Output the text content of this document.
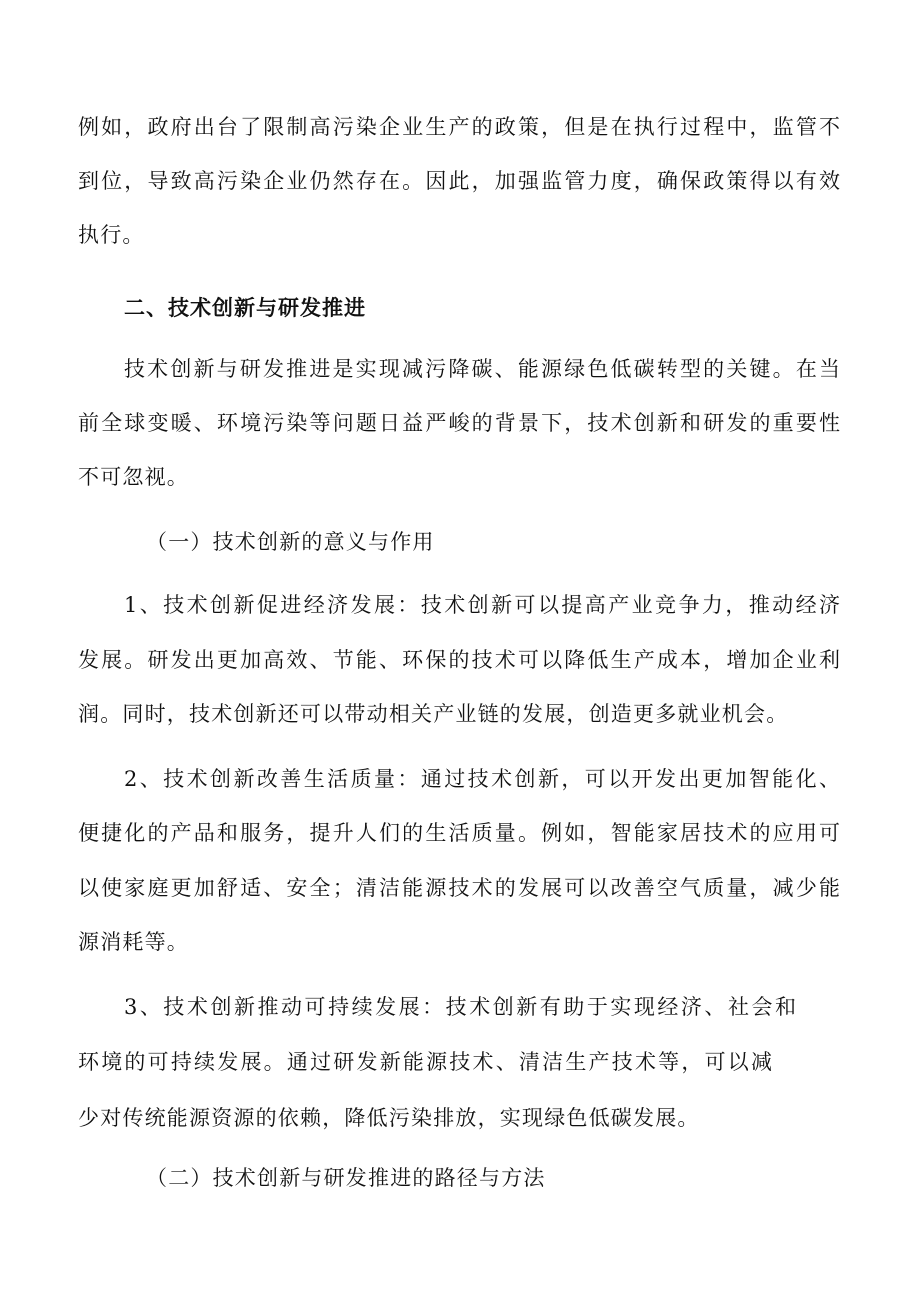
例如，政府出台了限制高污染企业生产的政策，但是在执行过程中，监管不
到位，导致高污染企业仍然存在。因此，加强监管力度，确保政策得以有效
执行。
二、技术创新与研发推进
技术创新与研发推进是实现减污降碳、能源绿色低碳转型的关键。在当
前全球变暖、环境污染等问题日益严峻的背景下，技术创新和研发的重要性
不可忽视。
（一）技术创新的意义与作用
1、技术创新促进经济发展：技术创新可以提高产业竞争力，推动经济
发展。研发出更加高效、节能、环保的技术可以降低生产成本，增加企业利
润。同时，技术创新还可以带动相关产业链的发展，创造更多就业机会。
2、技术创新改善生活质量：通过技术创新，可以开发出更加智能化、
便捷化的产品和服务，提升人们的生活质量。例如，智能家居技术的应用可
以使家庭更加舒适、安全；清洁能源技术的发展可以改善空气质量，减少能
源消耗等。
3、技术创新推动可持续发展：技术创新有助于实现经济、社会和
环境的可持续发展。通过研发新能源技术、清洁生产技术等，可以减
少对传统能源资源的依赖，降低污染排放，实现绿色低碳发展。
（二）技术创新与研发推进的路径与方法
